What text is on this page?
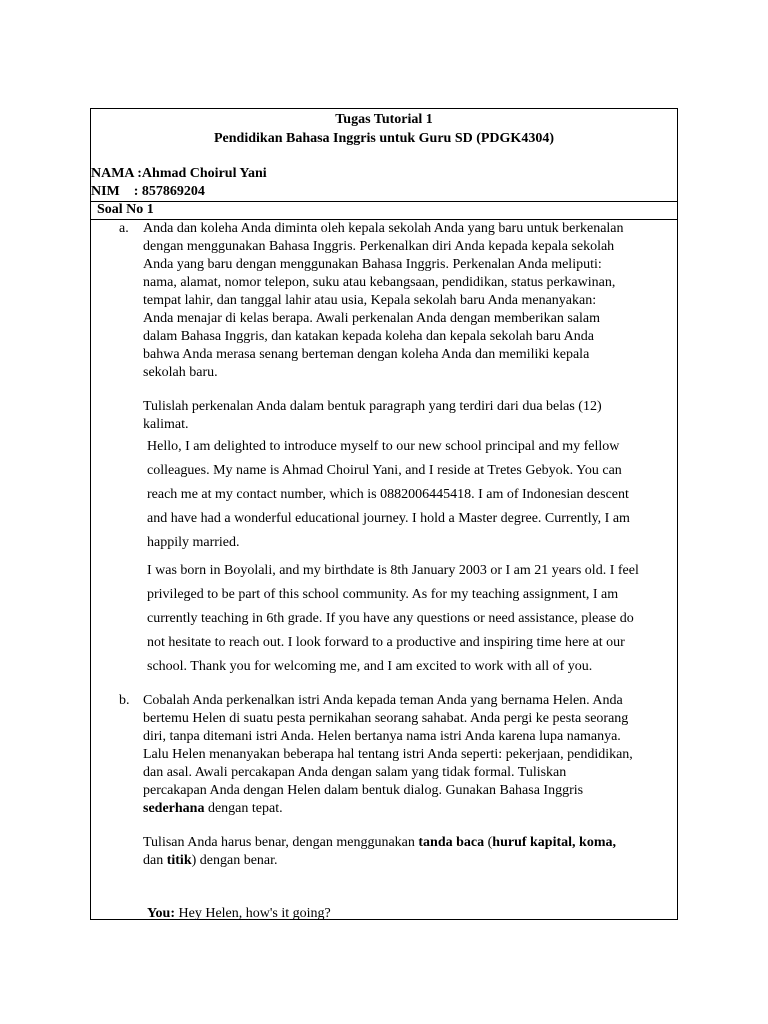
Tugas Tutorial 1
Pendidikan Bahasa Inggris untuk Guru SD (PDGK4304)
NAMA :Ahmad Choirul Yani
NIM    : 857869204
Soal No 1
a. Anda dan koleha Anda diminta oleh kepala sekolah Anda yang baru untuk berkenalan
dengan menggunakan Bahasa Inggris. Perkenalkan diri Anda kepada kepala sekolah
Anda yang baru dengan menggunakan Bahasa Inggris. Perkenalan Anda meliputi:
nama, alamat, nomor telepon, suku atau kebangsaan, pendidikan, status perkawinan,
tempat lahir, dan tanggal lahir atau usia, Kepala sekolah baru Anda menanyakan:
Anda menajar di kelas berapa. Awali perkenalan Anda dengan memberikan salam
dalam Bahasa Inggris, dan katakan kepada koleha dan kepala sekolah baru Anda
bahwa Anda merasa senang berteman dengan koleha Anda dan memiliki kepala
sekolah baru.
Tulislah perkenalan Anda dalam bentuk paragraph yang terdiri dari dua belas (12)
kalimat.
Hello, I am delighted to introduce myself to our new school principal and my fellow
colleagues. My name is Ahmad Choirul Yani, and I reside at Tretes Gebyok. You can
reach me at my contact number, which is 0882006445418. I am of Indonesian descent
and have had a wonderful educational journey. I hold a Master degree. Currently, I am
happily married.
I was born in Boyolali, and my birthdate is 8th January 2003 or I am 21 years old. I feel
privileged to be part of this school community. As for my teaching assignment, I am
currently teaching in 6th grade. If you have any questions or need assistance, please do
not hesitate to reach out. I look forward to a productive and inspiring time here at our
school. Thank you for welcoming me, and I am excited to work with all of you.
b. Cobalah Anda perkenalkan istri Anda kepada teman Anda yang bernama Helen. Anda
bertemu Helen di suatu pesta pernikahan seorang sahabat. Anda pergi ke pesta seorang
diri, tanpa ditemani istri Anda. Helen bertanya nama istri Anda karena lupa namanya.
Lalu Helen menanyakan beberapa hal tentang istri Anda seperti: pekerjaan, pendidikan,
dan asal. Awali percakapan Anda dengan salam yang tidak formal. Tuliskan
percakapan Anda dengan Helen dalam bentuk dialog. Gunakan Bahasa Inggris
sederhana dengan tepat.
Tulisan Anda harus benar, dengan menggunakan tanda baca (huruf kapital, koma,
dan titik) dengan benar.
You: Hey Helen, how's it going?
